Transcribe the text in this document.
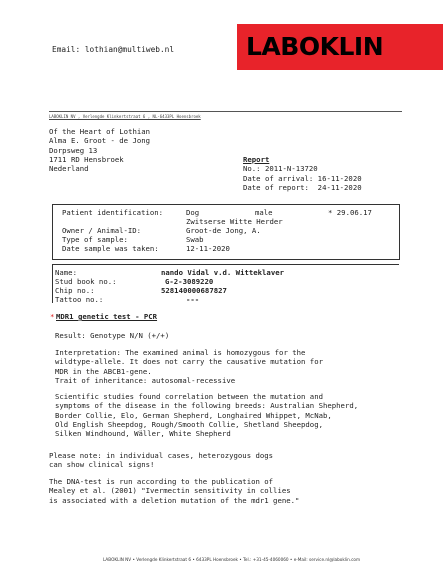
Email: lothian@multiweb.nl	LABOKLIN
LABOKLIN NV , Verlengde Klinkertstraat 6 , NL-6433PL Hoensbroek
Of the Heart of Lothian
Alma E. Groot - de Jong
Dorpsweg 13
1711 RD Hensbroek
Nederland
Report
No.: 2011-N-13720
Date of arrival: 16-11-2020
Date of report:  24-11-2020
Patient identification:	Dog	male	* 29.06.17
Zwitserse Witte Herder
Owner / Animal-ID:	Groot-de Jong, A.
Type of sample:	Swab
Date sample was taken:	12-11-2020
Name:	nando Vidal v.d. Witteklaver
Stud book no.:	G-2-3089220
Chip no.:	528140000687827
Tattoo no.:	---
* MDR1 genetic test - PCR
Result: Genotype N/N (+/+)
Interpretation: The examined animal is homozygous for the
wildtype-allele. It does not carry the causative mutation for
MDR in the ABCB1-gene.
Trait of inheritance: autosomal-recessive
Scientific studies found correlation between the mutation and
symptoms of the disease in the following breeds: Australian Shepherd,
Border Collie, Elo, German Shepherd, Longhaired Whippet, McNab,
Old English Sheepdog, Rough/Smooth Collie, Shetland Sheepdog,
Silken Windhound, Wäller, White Shepherd
Please note: in individual cases, heterozygous dogs
can show clinical signs!
The DNA-test is run according to the publication of
Mealey et al. (2001) "Ivermectin sensitivity in collies
is associated with a deletion mutation of the mdr1 gene."
LABOKLIN NV • Verlengde Klinkertstraat 6 • 6433PL Hoensbroek • Tel.: +31-45-4060060 • e-Mail: service.nl@laboklin.com
